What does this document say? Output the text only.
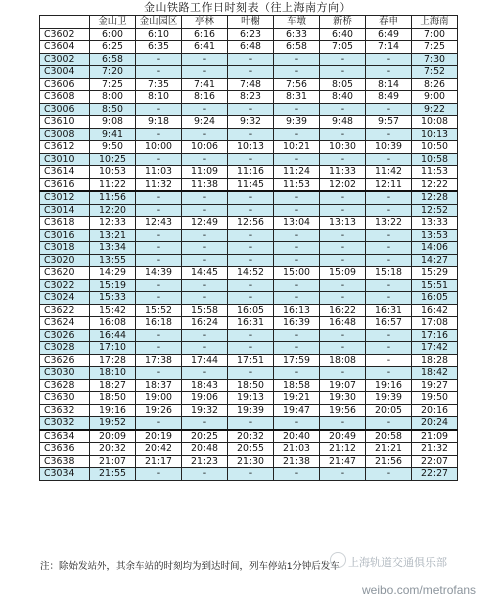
金山铁路工作日时刻表（往上海南方向）
	金山卫	金山园区	亭林	叶榭	车墩	新桥	春申	上海南
C3602	6:00	6:10	6:16	6:23	6:33	6:40	6:49	7:00
C3604	6:25	6:35	6:41	6:48	6:58	7:05	7:14	7:25
C3002	6:58	-	-	-	-	-	-	7:30
C3004	7:20	-	-	-	-	-	-	7:52
C3606	7:25	7:35	7:41	7:48	7:56	8:05	8:14	8:26
C3608	8:00	8:10	8:16	8:23	8:31	8:40	8:49	9:00
C3006	8:50	-	-	-	-	-	-	9:22
C3610	9:08	9:18	9:24	9:32	9:39	9:48	9:57	10:08
C3008	9:41	-	-	-	-	-	-	10:13
C3612	9:50	10:00	10:06	10:13	10:21	10:30	10:39	10:50
C3010	10:25	-	-	-	-	-	-	10:58
C3614	10:53	11:03	11:09	11:16	11:24	11:33	11:42	11:53
C3616	11:22	11:32	11:38	11:45	11:53	12:02	12:11	12:22
C3012	11:56	-	-	-	-	-	-	12:28
C3014	12:20	-	-	-	-	-	-	12:52
C3618	12:33	12:43	12:49	12:56	13:04	13:13	13:22	13:33
C3016	13:21	-	-	-	-	-	-	13:53
C3018	13:34	-	-	-	-	-	-	14:06
C3020	13:55	-	-	-	-	-	-	14:27
C3620	14:29	14:39	14:45	14:52	15:00	15:09	15:18	15:29
C3022	15:19	-	-	-	-	-	-	15:51
C3024	15:33	-	-	-	-	-	-	16:05
C3622	15:42	15:52	15:58	16:05	16:13	16:22	16:31	16:42
C3624	16:08	16:18	16:24	16:31	16:39	16:48	16:57	17:08
C3026	16:44	-	-	-	-	-	-	17:16
C3028	17:10	-	-	-	-	-	-	17:42
C3626	17:28	17:38	17:44	17:51	17:59	18:08	-	18:28
C3030	18:10	-	-	-	-	-	-	18:42
C3628	18:27	18:37	18:43	18:50	18:58	19:07	19:16	19:27
C3630	18:50	19:00	19:06	19:13	19:21	19:30	19:39	19:50
C3632	19:16	19:26	19:32	19:39	19:47	19:56	20:05	20:16
C3032	19:52	-	-	-	-	-	-	20:24
C3634	20:09	20:19	20:25	20:32	20:40	20:49	20:58	21:09
C3636	20:32	20:42	20:48	20:55	21:03	21:12	21:21	21:32
C3638	21:07	21:17	21:23	21:30	21:38	21:47	21:56	22:07
C3034	21:55	-	-	-	-	-	-	22:27
注：除始发站外，其余车站的时刻均为到达时间，列车停站1分钟后发车 上海轨道交通俱乐部
weibo.com/metrofans
